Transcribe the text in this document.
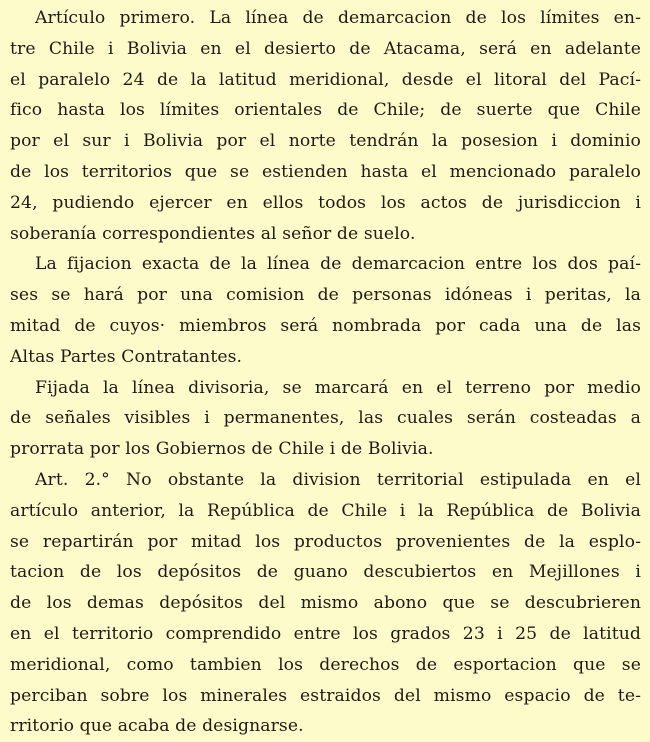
Artículo primero. La línea de demarcacion de los límites en-
tre Chile i Bolivia en el desierto de Atacama, será en adelante
el paralelo 24 de la latitud meridional, desde el litoral del Pací-
fico hasta los límites orientales de Chile; de suerte que Chile
por el sur i Bolivia por el norte tendrán la posesion i dominio
de los territorios que se estienden hasta el mencionado paralelo
24, pudiendo ejercer en ellos todos los actos de jurisdiccion i
soberanía correspondientes al señor de suelo.

La fijacion exacta de la línea de demarcacion entre los dos paí-
ses se hará por una comision de personas idóneas i peritas, la
mitad de cuyos· miembros será nombrada por cada una de las
Altas Partes Contratantes.

Fijada la línea divisoria, se marcará en el terreno por medio
de señales visibles i permanentes, las cuales serán costeadas a
prorrata por los Gobiernos de Chile i de Bolivia.

Art. 2.° No obstante la division territorial estipulada en el
artículo anterior, la República de Chile i la República de Bolivia
se repartirán por mitad los productos provenientes de la esplo-
tacion de los depósitos de guano descubiertos en Mejillones i
de los demas depósitos del mismo abono que se descubrieren
en el territorio comprendido entre los grados 23 i 25 de latitud
meridional, como tambien los derechos de esportacion que se
perciban sobre los minerales estraidos del mismo espacio de te-
rritorio que acaba de designarse.
